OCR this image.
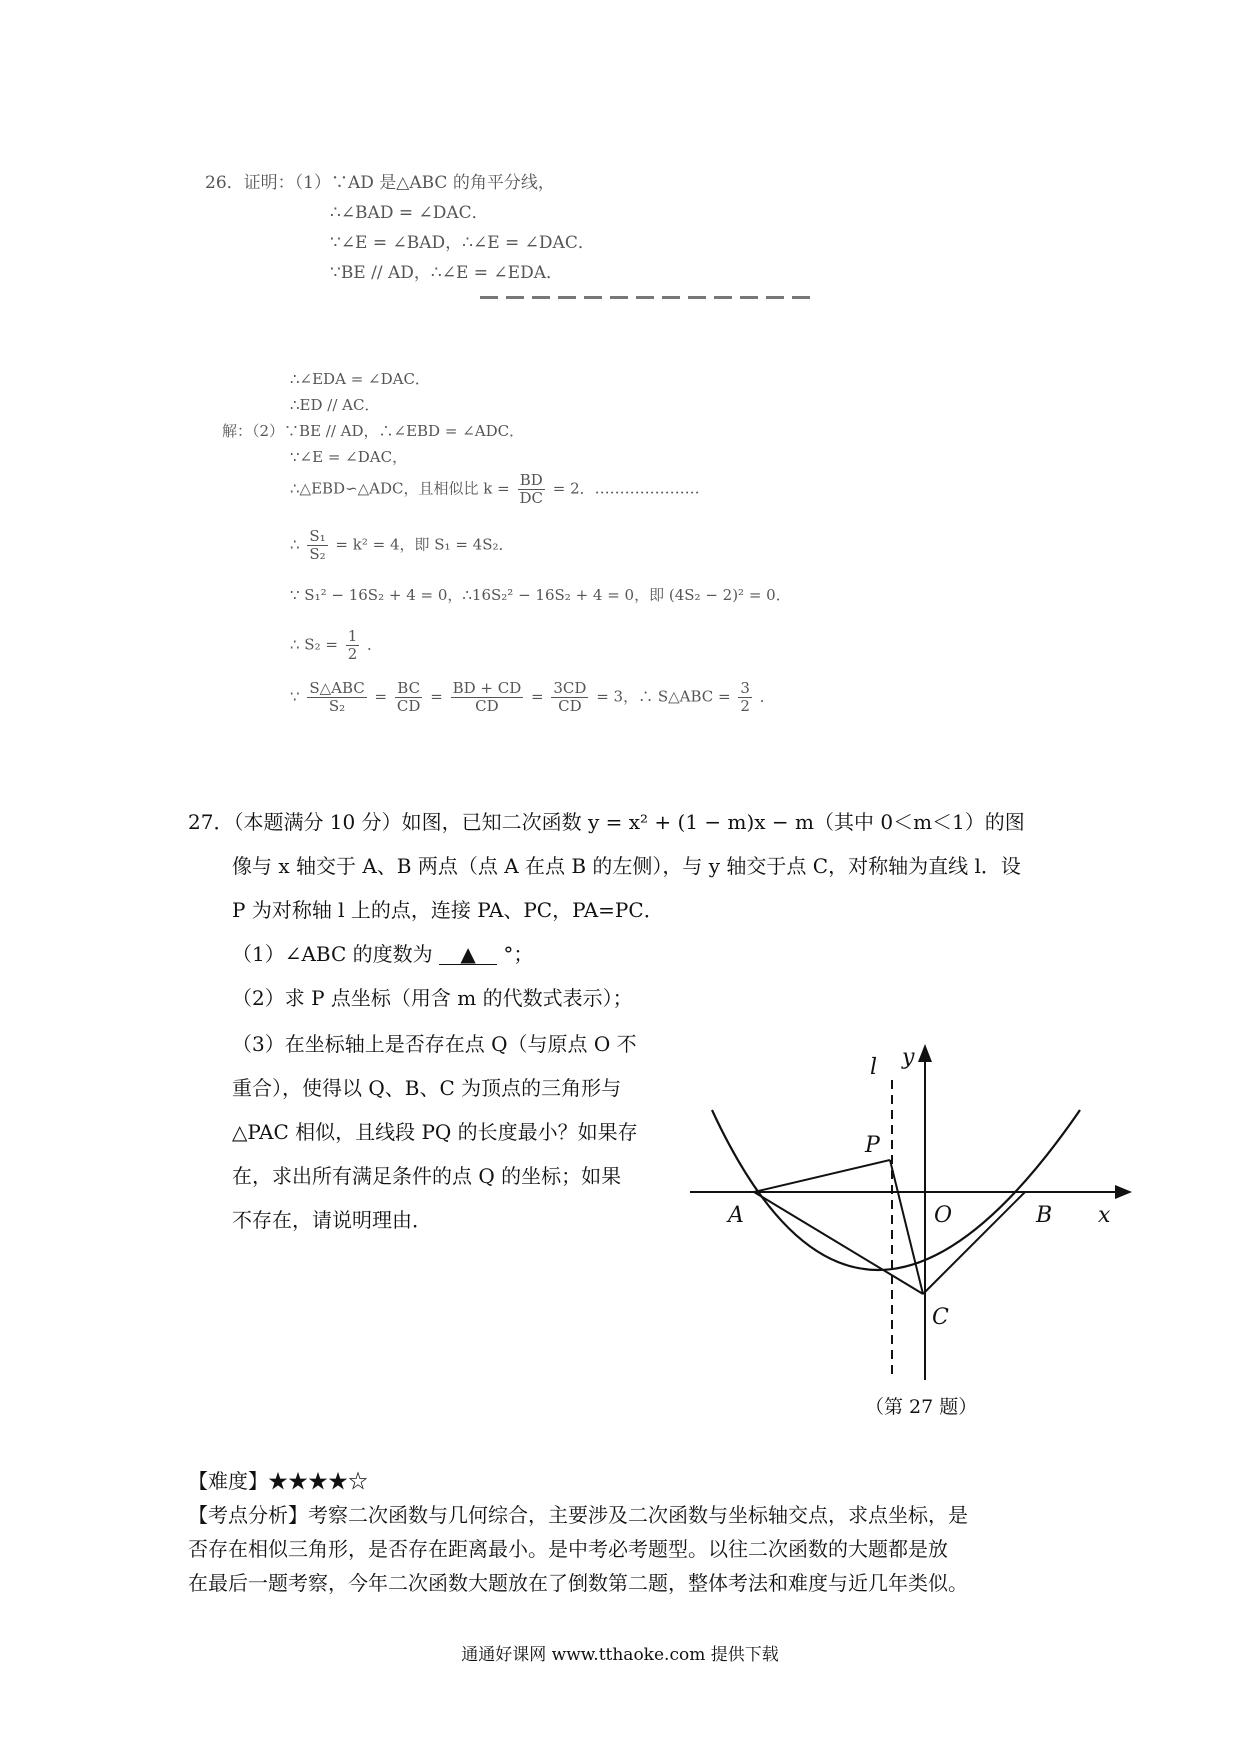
26．证明：（1）∵AD 是△ABC 的角平分线，
∴∠BAD = ∠DAC．
∵∠E = ∠BAD，∴∠E = ∠DAC．
∵BE // AD，∴∠E = ∠EDA．
∴∠EDA = ∠DAC．
∴ED // AC．
解：（2）∵BE // AD，∴∠EBD = ∠ADC．
∵∠E = ∠DAC，
∴△EBD∽△ADC，且相似比 $k = \frac{BD}{DC} = 2$．…………………
∴ $\frac{\text{S₁}}{\text{S₂}} = k^2 = 4$，即 S₁ = 4S₂．
∵ S₁² − 16S₂ + 4 = 0，∴16S₂² − 16S₂ + 4 = 0，即 (4S₂ − 2)² = 0．
∴ $S_2 = \frac{1}{2}$ ．
∵ $\frac{\text{S△ABC}}{\text{S₂}} = \frac{BC}{CD} = \frac{BD + CD}{CD} = \frac{3CD}{CD} = 3$，∴ S△ABC = $\frac{3}{2}$ ．
27．（本题满分 10 分）如图，已知二次函数 y = x² + (1 − m)x − m（其中 0＜m＜1）的图
像与 x 轴交于 A、B 两点（点 A 在点 B 的左侧），与 y 轴交于点 C，对称轴为直线 l．设
P 为对称轴 l 上的点，连接 PA、PC，PA=PC．
（1）∠ABC 的度数为 ▲ °；
（2）求 P 点坐标（用含 m 的代数式表示）；
（3）在坐标轴上是否存在点 Q（与原点 O 不
重合），使得以 Q、B、C 为顶点的三角形与
△PAC 相似，且线段 PQ 的长度最小？如果存
在，求出所有满足条件的点 Q 的坐标；如果
不存在，请说明理由．
l y
x
P
A	O	B
C
（第 27 题）
【难度】★★★★☆
【考点分析】考察二次函数与几何综合，主要涉及二次函数与坐标轴交点，求点坐标，是
否存在相似三角形，是否存在距离最小。是中考必考题型。以往二次函数的大题都是放
在最后一题考察，今年二次函数大题放在了倒数第二题，整体考法和难度与近几年类似。
通通好课网 www.tthaoke.com 提供下载
